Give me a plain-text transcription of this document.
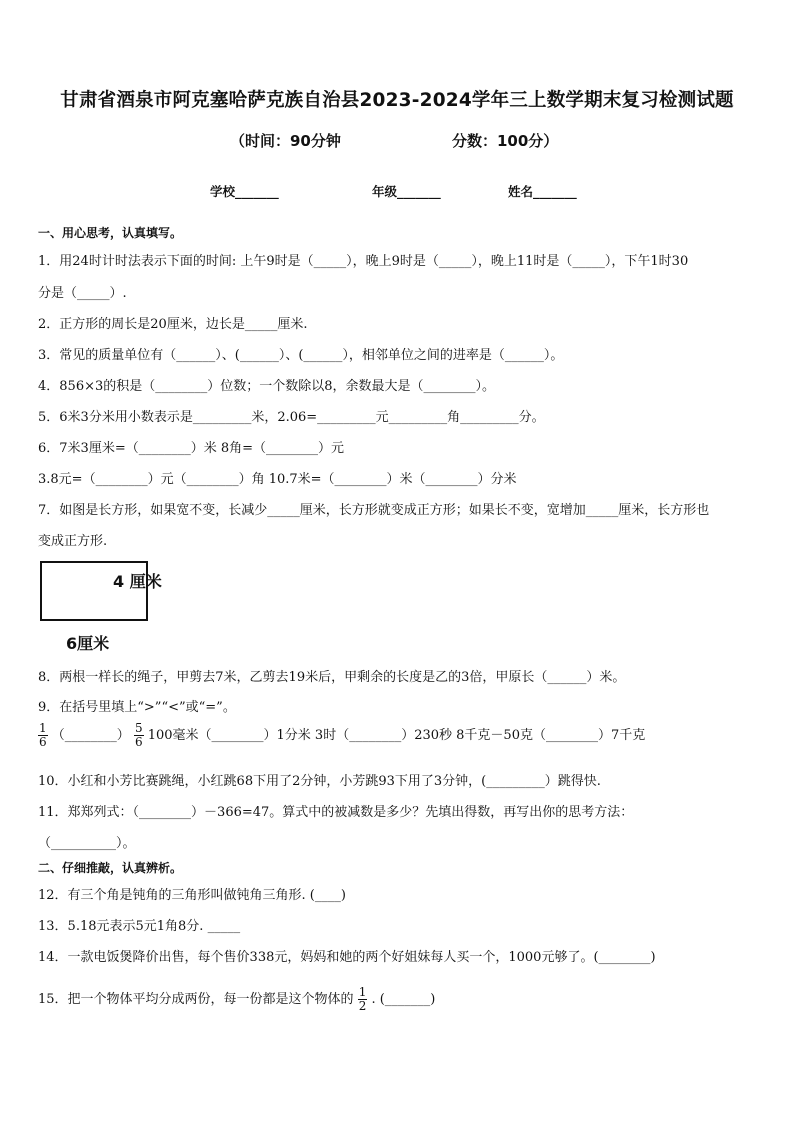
甘肃省酒泉市阿克塞哈萨克族自治县2023-2024学年三上数学期末复习检测试题
（时间：90分钟	分数：100分）
学校_______	年级_______	姓名_______
一、用心思考，认真填写。
1．用24时计时法表示下面的时间: 上午9时是（_____），晚上9时是（_____），晚上11时是（_____），下午1时30
分是（_____）.
2．正方形的周长是20厘米，边长是_____厘米.
3．常见的质量单位有（______）、(______）、(______），相邻单位之间的进率是（______）。
4．856×3的积是（________）位数；一个数除以8，余数最大是（________）。
5．6米3分米用小数表示是_________米，2.06=_________元_________角_________分。
6．7米3厘米=（________）米 8角=（________）元
3.8元=（________）元（________）角 10.7米=（________）米（________）分米
7．如图是长方形，如果宽不变，长减少_____厘米，长方形就变成正方形；如果长不变，宽增加_____厘米，长方形也
变成正方形.
4 厘米
6厘米
8．两根一样长的绳子，甲剪去7米，乙剪去19米后，甲剩余的长度是乙的3倍，甲原长（______）米。
9．在括号里填上“>”“<”或“=”。
$\frac{1}{6}$ （________） $\frac{5}{6} 100$毫米（________）1分米 3时（________）230秒 8千克－50克（________）7千克
10．小红和小芳比赛跳绳，小红跳68下用了2分钟，小芳跳93下用了3分钟，(_________）跳得快.
11．郑郑列式：（________）－366=47。算式中的被减数是多少？先填出得数，再写出你的思考方法：
（__________）。
二、仔细推敲，认真辨析。
12．有三个角是钝角的三角形叫做钝角三角形. (____)
13．5.18元表示5元1角8分. _____
14．一款电饭煲降价出售，每个售价338元，妈妈和她的两个好姐妹每人买一个，1000元够了。(________)
15．把一个物体平均分成两份，每一份都是这个物体的 $\frac{1}{2}$ . (_______)
